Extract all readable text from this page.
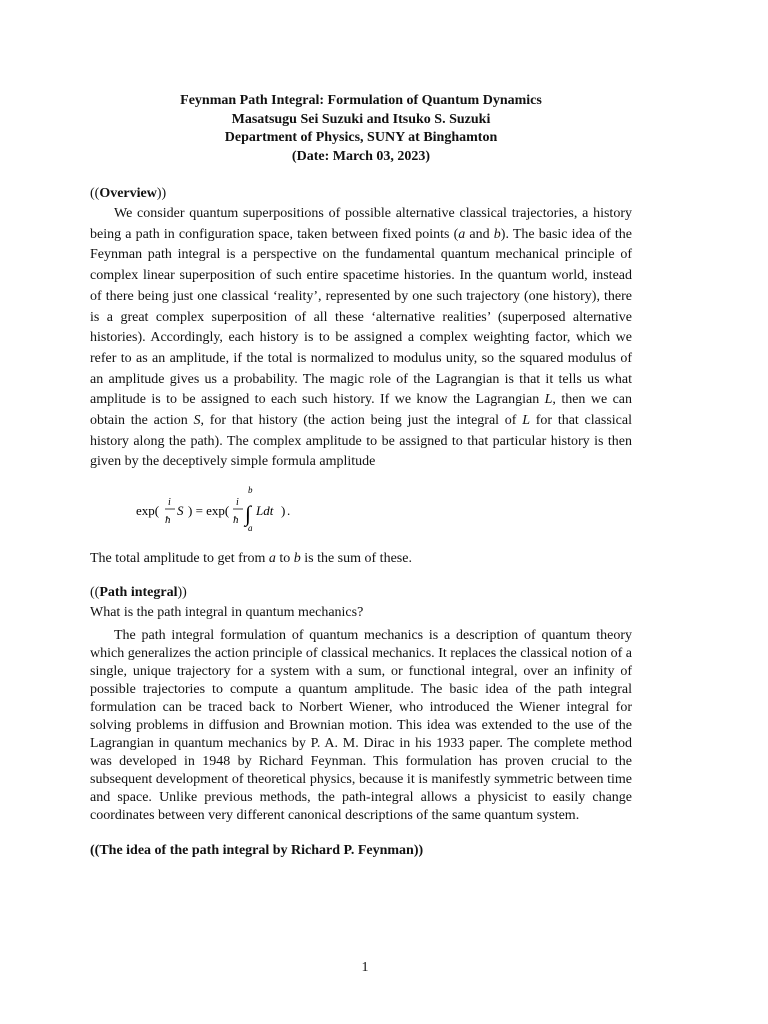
Feynman Path Integral: Formulation of Quantum Dynamics
Masatsugu Sei Suzuki and Itsuko S. Suzuki
Department of Physics, SUNY at Binghamton
(Date: March 03, 2023)
((Overview))

We consider quantum superpositions of possible alternative classical trajectories, a history being a path in configuration space, taken between fixed points (a and b). The basic idea of the Feynman path integral is a perspective on the fundamental quantum mechanical principle of complex linear superposition of such entire spacetime histories. In the quantum world, instead of there being just one classical ‘reality’, represented by one such trajectory (one history), there is a great complex superposition of all these ‘alternative realities’ (superposed alternative histories). Accordingly, each history is to be assigned a complex weighting factor, which we refer to as an amplitude, if the total is normalized to modulus unity, so the squared modulus of an amplitude gives us a probability. The magic role of the Lagrangian is that it tells us what amplitude is to be assigned to each such history. If we know the Lagrangian L, then we can obtain the action S, for that history (the action being just the integral of L for that classical history along the path). The complex amplitude to be assigned to that particular history is then given by the deceptively simple formula amplitude

exp(
i
ħ
S ) = exp(
i
ħ
b
∫
a
Ldt ) .
The total amplitude to get from a to b is the sum of these.
((Path integral))
What is the path integral in quantum mechanics?

The path integral formulation of quantum mechanics is a description of quantum theory which generalizes the action principle of classical mechanics. It replaces the classical notion of a single, unique trajectory for a system with a sum, or functional integral, over an infinity of possible trajectories to compute a quantum amplitude. The basic idea of the path integral formulation can be traced back to Norbert Wiener, who introduced the Wiener integral for solving problems in diffusion and Brownian motion. This idea was extended to the use of the Lagrangian in quantum mechanics by P. A. M. Dirac in his 1933 paper. The complete method was developed in 1948 by Richard Feynman. This formulation has proven crucial to the subsequent development of theoretical physics, because it is manifestly symmetric between time and space. Unlike previous methods, the path-integral allows a physicist to easily change coordinates between very different canonical descriptions of the same quantum system.

((The idea of the path integral by Richard P. Feynman))
1
